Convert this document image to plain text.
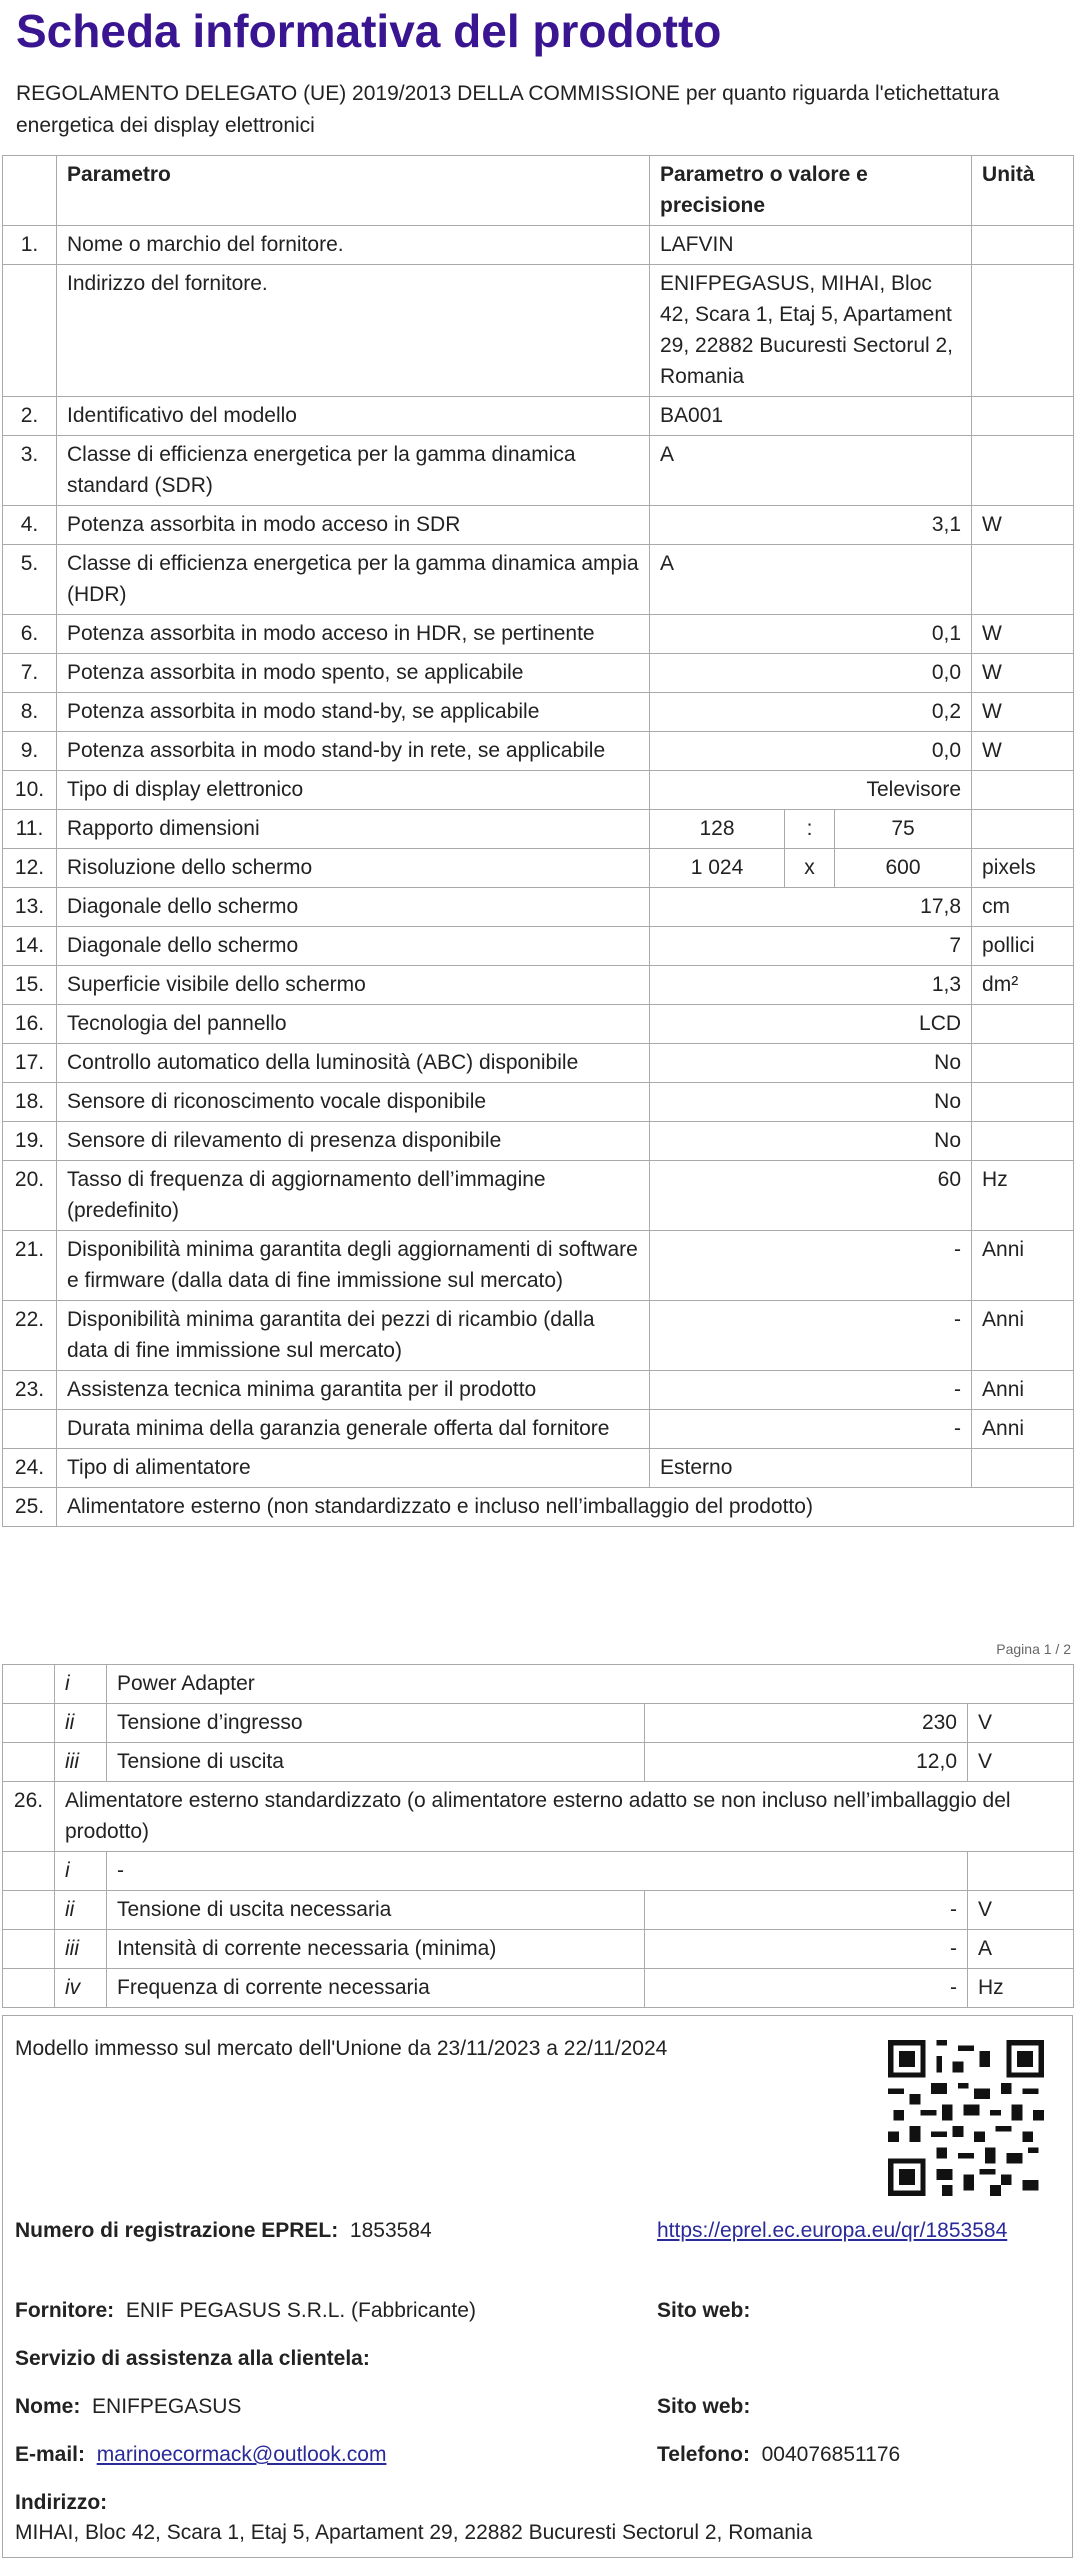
Scheda informativa del prodotto
REGOLAMENTO DELEGATO (UE) 2019/2013 DELLA COMMISSIONE per quanto riguarda l'etichettatura energetica dei display elettronici
	Parametro	Parametro o valore e precisione			Unità
1.	Nome o marchio del fornitore.	LAFVIN			
	Indirizzo del fornitore.	ENIFPEGASUS, MIHAI, Bloc 42, Scara 1, Etaj 5, Apartament 29, 22882 Bucuresti Sectorul 2, Romania			
2.	Identificativo del modello	BA001			
3.	Classe di efficienza energetica per la gamma dinamica standard (SDR)	A			
4.	Potenza assorbita in modo acceso in SDR	3,1			W
5.	Classe di efficienza energetica per la gamma dinamica ampia (HDR)	A			
6.	Potenza assorbita in modo acceso in HDR, se pertinente	0,1			W
7.	Potenza assorbita in modo spento, se applicabile	0,0			W
8.	Potenza assorbita in modo stand-by, se applicabile	0,2			W
9.	Potenza assorbita in modo stand-by in rete, se applicabile	0,0			W
10.	Tipo di display elettronico	Televisore			
11.	Rapporto dimensioni	128	:	75	
12.	Risoluzione dello schermo	1 024	x	600	pixels
13.	Diagonale dello schermo	17,8			cm
14.	Diagonale dello schermo	7			pollici
15.	Superficie visibile dello schermo	1,3			dm²
16.	Tecnologia del pannello	LCD			
17.	Controllo automatico della luminosità (ABC) disponibile	No			
18.	Sensore di riconoscimento vocale disponibile	No			
19.	Sensore di rilevamento di presenza disponibile	No			
20.	Tasso di frequenza di aggiornamento dell’immagine (predefinito)	60			Hz
21.	Disponibilità minima garantita degli aggiornamenti di software e firmware (dalla data di fine immissione sul mercato)	-			Anni
22.	Disponibilità minima garantita dei pezzi di ricambio (dalla data di fine immissione sul mercato)	-			Anni
23.	Assistenza tecnica minima garantita per il prodotto	-			Anni
	Durata minima della garanzia generale offerta dal fornitore	-			Anni
24.	Tipo di alimentatore	Esterno			
25.	Alimentatore esterno (non standardizzato e incluso nell’imballaggio del prodotto)				
Pagina 1 / 2
	i	Power Adapter		
	ii	Tensione d’ingresso	230	V
	iii	Tensione di uscita	12,0	V
26.	Alimentatore esterno standardizzato (o alimentatore esterno adatto se non incluso nell’imballaggio del prodotto)			
	i	-		
	ii	Tensione di uscita necessaria	-	V
	iii	Intensità di corrente necessaria (minima)	-	A
	iv	Frequenza di corrente necessaria	-	Hz
Modello immesso sul mercato dell'Unione da 23/11/2023 a 22/11/2024
Numero di registrazione EPREL: 1853584	https://eprel.ec.europa.eu/qr/1853584
Fornitore: ENIF PEGASUS S.R.L. (Fabbricante)	Sito web:
Servizio di assistenza alla clientela:
Nome: ENIFPEGASUS	Sito web:
E-mail: marinoecormack@outlook.com	Telefono: 004076851176
Indirizzo:
MIHAI, Bloc 42, Scara 1, Etaj 5, Apartament 29, 22882 Bucuresti Sectorul 2, Romania
